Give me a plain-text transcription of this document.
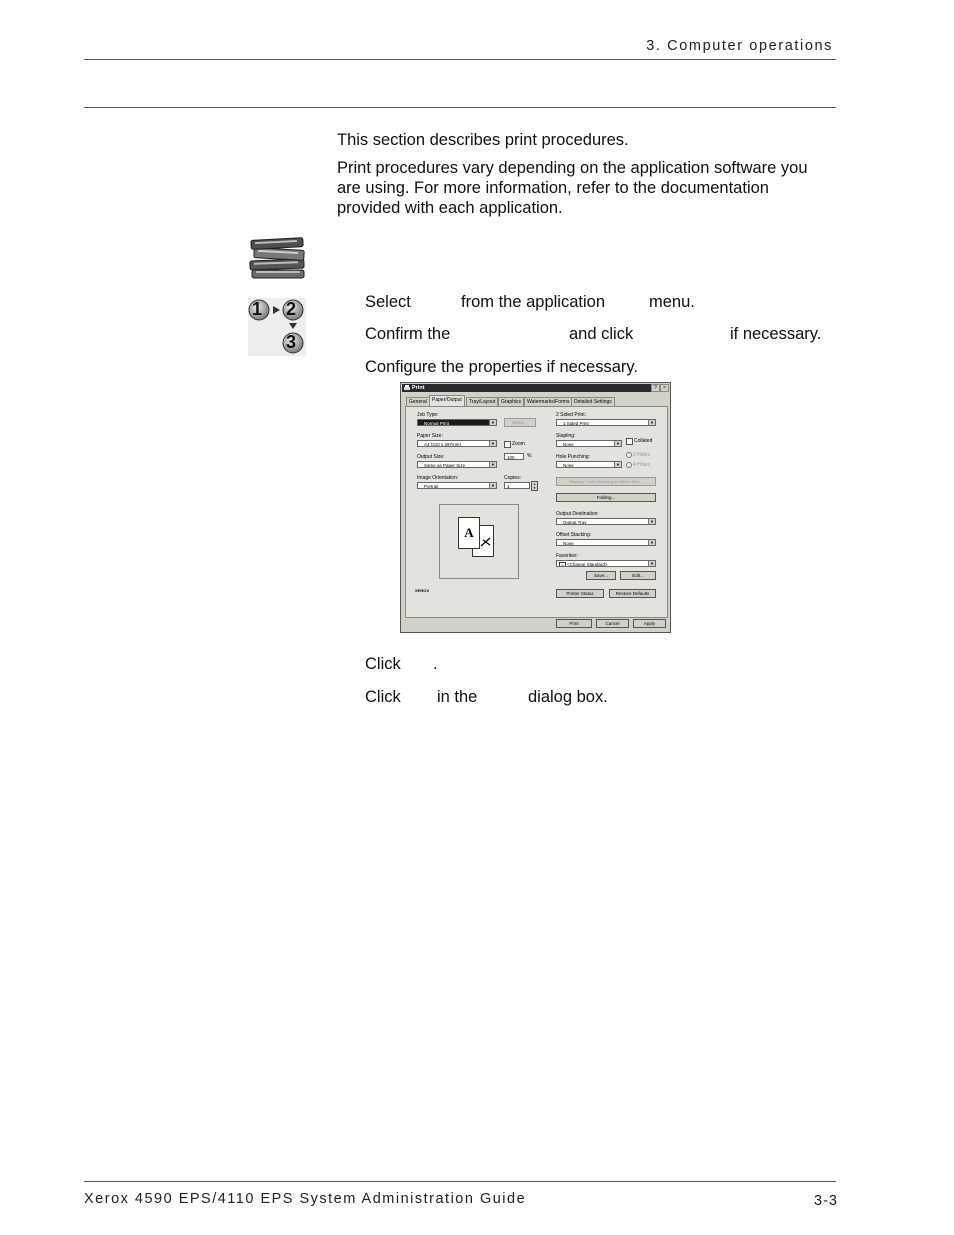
3. Computer operations
This section describes print procedures.
Print procedures vary depending on the application software you are using. For more information, refer to the documentation provided with each application.
1 2
3
Select	from the application	menu.
Confirm the	and click	if necessary.
Configure the properties if necessary.
Print	?	×
General	Paper/Output	Tray/Layout	Graphics	Watermarks/Forms Detailed Settings
Job Type:
Normal Print	▼	Setup...
Paper Size:
A4 (210 x 297mm)	▼	Zoom
Output Size:	100	%
Same as Paper Size	▼
Image Orientation:	Copies:
Portrait	▼	1	▲
▼
A
XEROX
2 Sided Print:
1 Sided Print	▼
Stapling:
None	▼	Collated
Hole Punching:
None	▼
2 Holes
4 Holes
Stapling / Hole Punching for Mixed Size...
Folding...
Output Destination:
Output Tray	▼
Offset Stacking:
None	▼
Favorites:
A <Change Standard>	▼
Save...	Edit...
Printer Status	Restore Defaults
Print	Cancel	Apply
Click .
Click in the	dialog box.
Xerox 4590 EPS/4110 EPS System Administration Guide	3-3
